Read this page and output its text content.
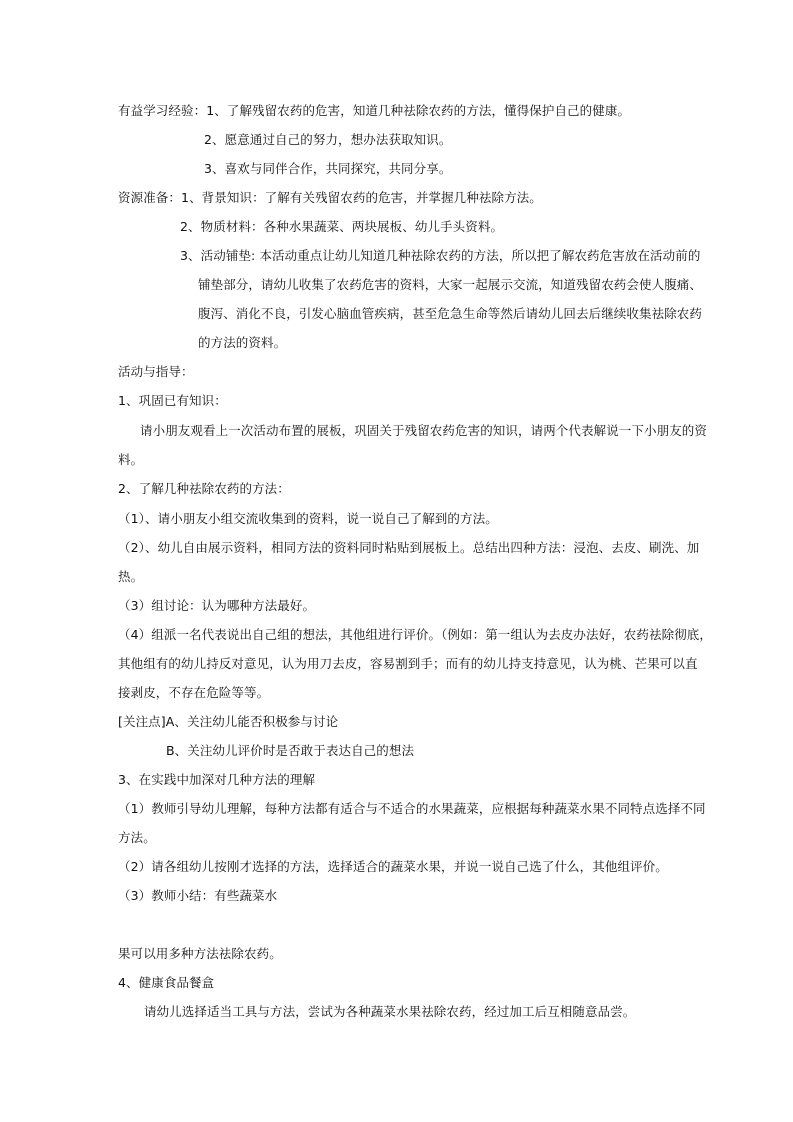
有益学习经验：1、了解残留农药的危害，知道几种祛除农药的方法，懂得保护自己的健康。
2、愿意通过自己的努力，想办法获取知识。
3、喜欢与同伴合作，共同探究，共同分享。
资源准备：1、背景知识：了解有关残留农药的危害，并掌握几种祛除方法。
2、物质材料：各种水果蔬菜、两块展板、幼儿手头资料。
3、活动铺垫: 本活动重点让幼儿知道几种祛除农药的方法，所以把了解农药危害放在活动前的
铺垫部分，请幼儿收集了农药危害的资料，大家一起展示交流，知道残留农药会使人腹痛、
腹泻、消化不良，引发心脑血管疾病，甚至危急生命等然后请幼儿回去后继续收集祛除农药
的方法的资料。
活动与指导：
1、巩固已有知识：
请小朋友观看上一次活动布置的展板，巩固关于残留农药危害的知识，请两个代表解说一下小朋友的资
料。
2、了解几种祛除农药的方法：
（1）、请小朋友小组交流收集到的资料，说一说自己了解到的方法。
（2）、幼儿自由展示资料，相同方法的资料同时粘贴到展板上。总结出四种方法：浸泡、去皮、刷洗、加
热。
（3）组讨论：认为哪种方法最好。
（4）组派一名代表说出自己组的想法，其他组进行评价。（例如：第一组认为去皮办法好，农药祛除彻底，
其他组有的幼儿持反对意见，认为用刀去皮，容易割到手；而有的幼儿持支持意见，认为桃、芒果可以直
接剥皮，不存在危险等等。
[关注点]A、关注幼儿能否积极参与讨论
B、关注幼儿评价时是否敢于表达自己的想法
3、在实践中加深对几种方法的理解
（1）教师引导幼儿理解，每种方法都有适合与不适合的水果蔬菜，应根据每种蔬菜水果不同特点选择不同
方法。
（2）请各组幼儿按刚才选择的方法，选择适合的蔬菜水果，并说一说自己选了什么，其他组评价。
（3）教师小结：有些蔬菜水
果可以用多种方法祛除农药。
4、健康食品餐盒
请幼儿选择适当工具与方法，尝试为各种蔬菜水果祛除农药，经过加工后互相随意品尝。
